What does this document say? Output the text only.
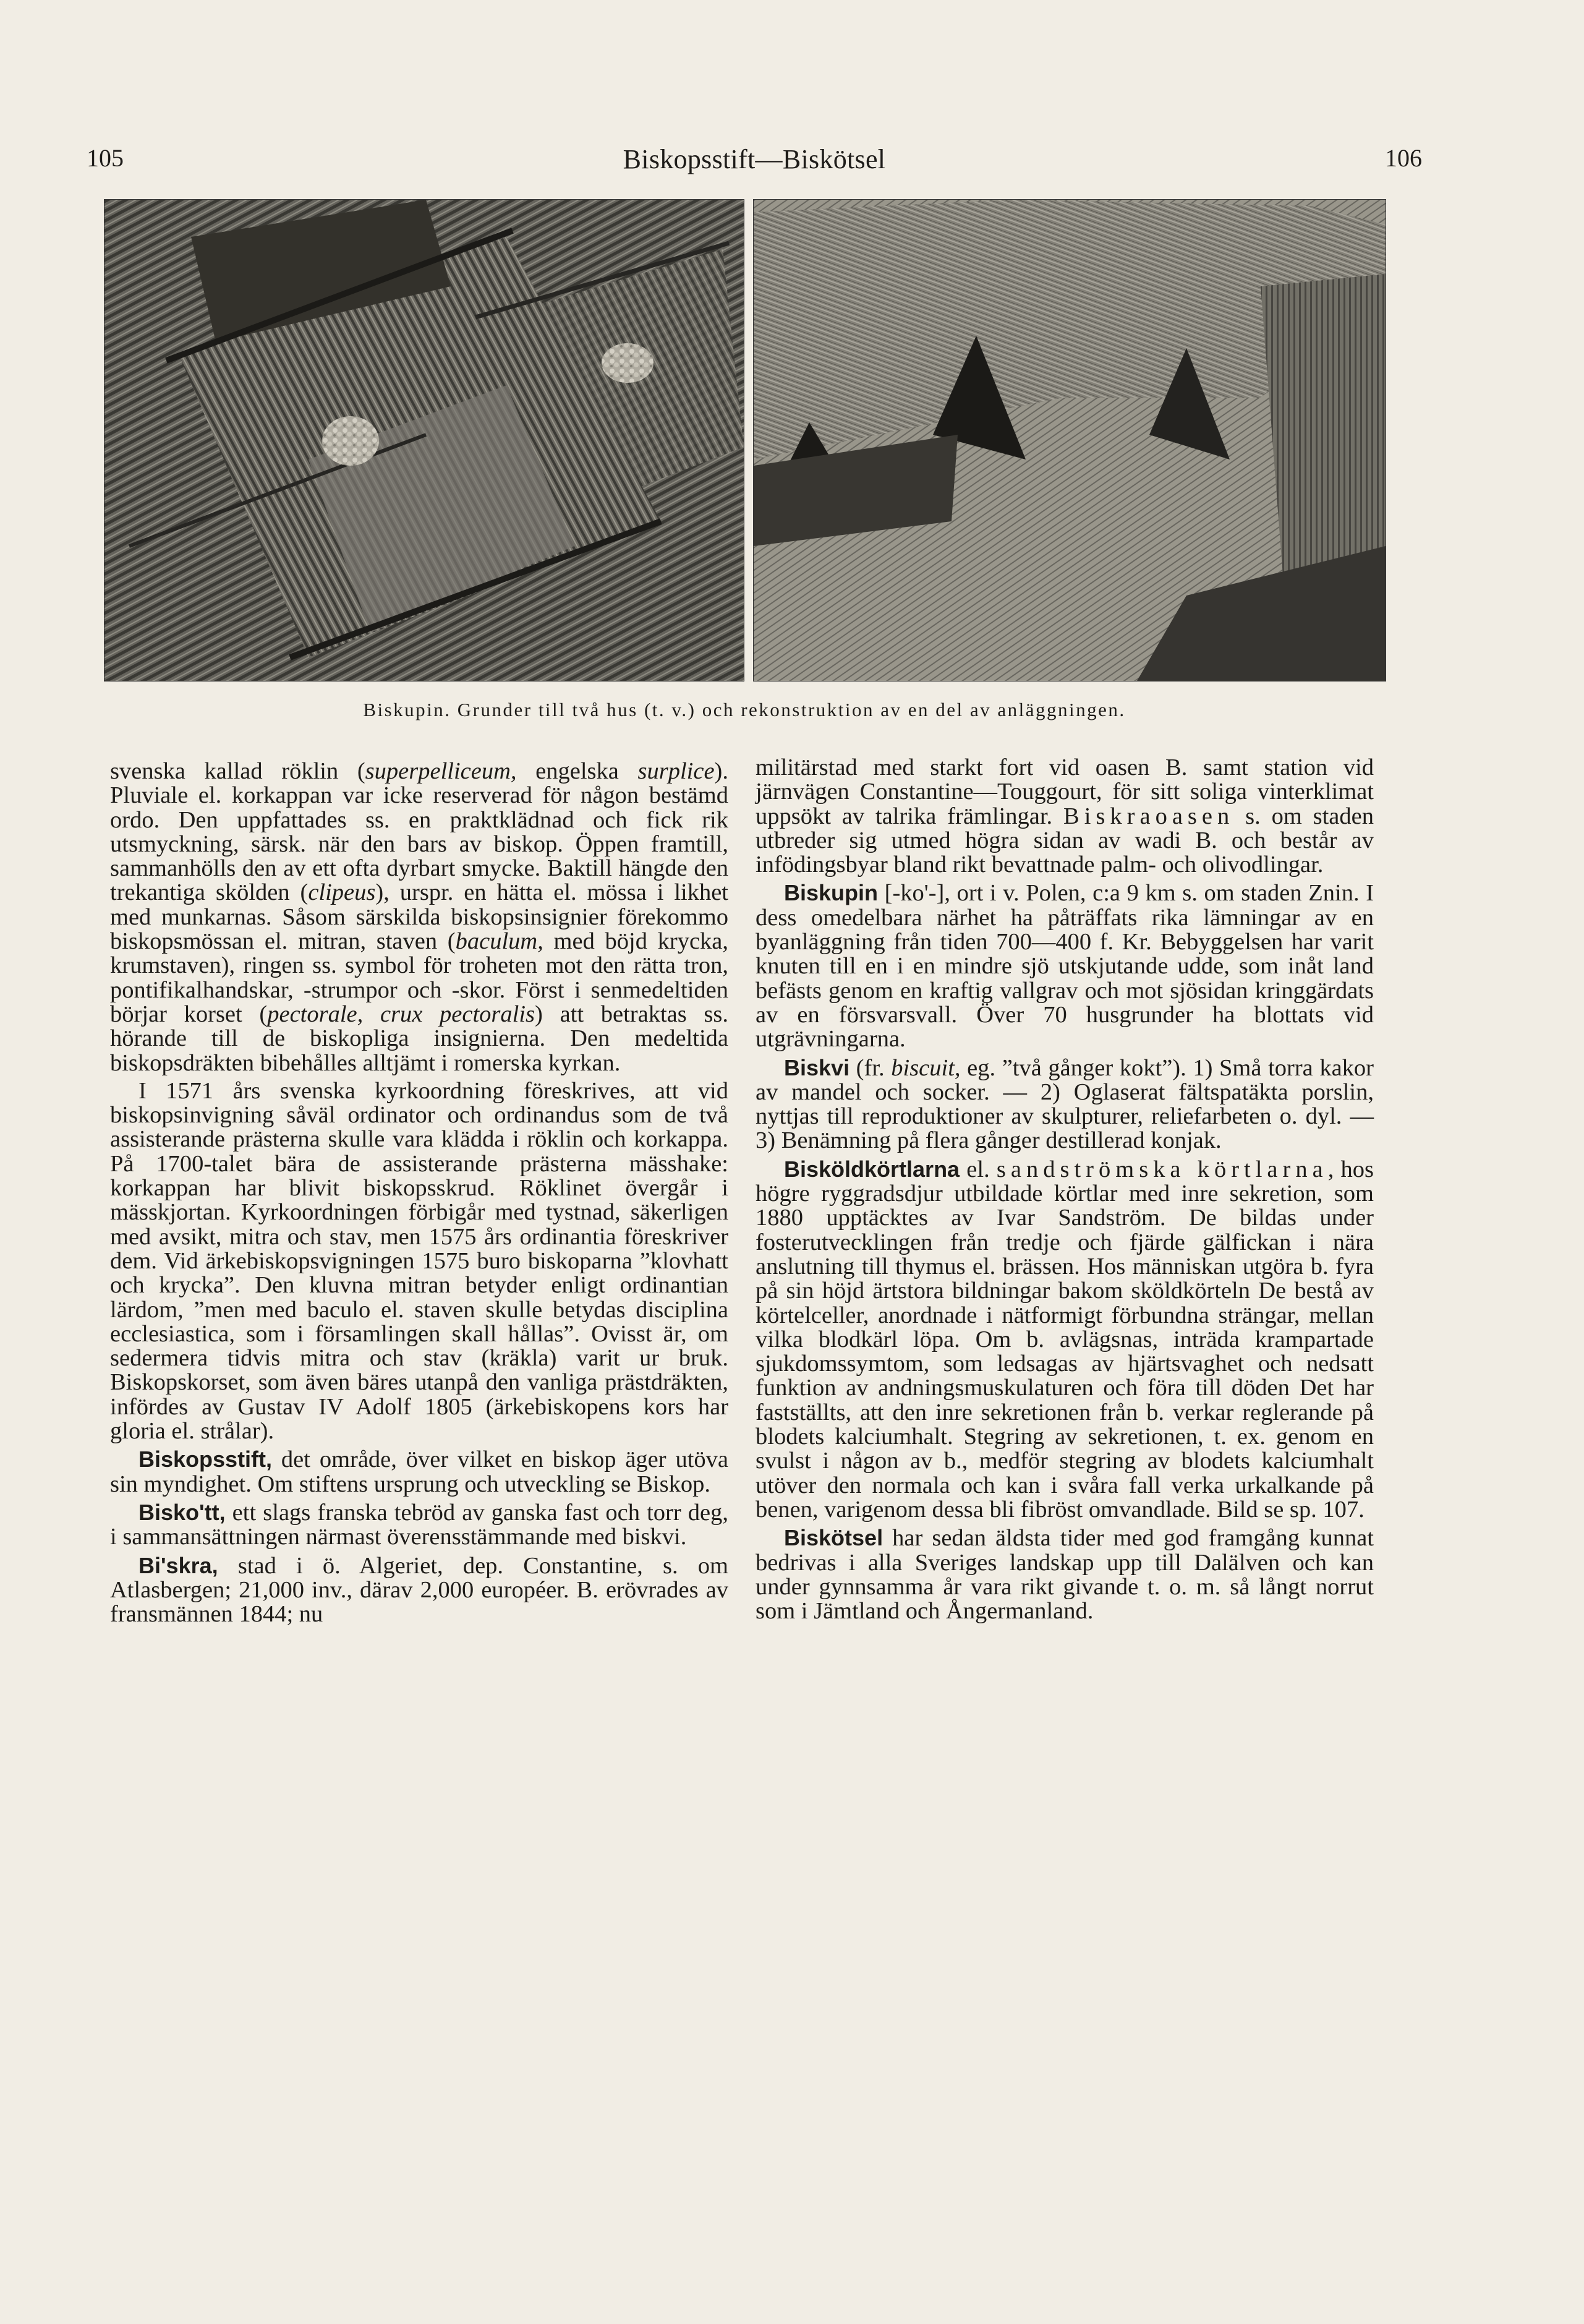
105	Biskopsstift—Biskötsel	106
Biskupin. Grunder till två hus (t. v.) och rekonstruktion av en del av anläggningen.

svenska kallad röklin (superpelliceum, engelska surplice). Pluviale el. korkappan var icke reserverad för någon bestämd ordo. Den uppfattades ss. en praktklädnad och fick rik utsmyckning, särsk. när den bars av biskop. Öppen framtill, sammanhölls den av ett ofta dyrbart smycke. Baktill hängde den trekantiga skölden (clipeus), urspr. en hätta el. mössa i likhet med munkarnas. Såsom särskilda biskopsinsignier förekommo biskopsmössan el. mitran, staven (baculum, med böjd krycka, krumstaven), ringen ss. symbol för troheten mot den rätta tron, pontifikalhandskar, -strumpor och -skor. Först i senmedeltiden börjar korset (pectorale, crux pectoralis) att betraktas ss. hörande till de biskopliga insignierna. Den medeltida biskopsdräkten bibehålles alltjämt i romerska kyrkan.

I 1571 års svenska kyrkoordning föreskrives, att vid biskopsinvigning såväl ordinator och ordinandus som de två assisterande prästerna skulle vara klädda i röklin och korkappa. På 1700-talet bära de assisterande prästerna mässhake: korkappan har blivit biskopsskrud. Röklinet övergår i mässkjortan. Kyrkoordningen förbigår med tystnad, säkerligen med avsikt, mitra och stav, men 1575 års ordinantia föreskriver dem. Vid ärkebiskopsvigningen 1575 buro biskoparna ”klovhatt och krycka”. Den kluvna mitran betyder enligt ordinantian lärdom, ”men med baculo el. staven skulle betydas disciplina ecclesiastica, som i församlingen skall hållas”. Ovisst är, om sedermera tidvis mitra och stav (kräkla) varit ur bruk. Biskopskorset, som även bäres utanpå den vanliga prästdräkten, infördes av Gustav IV Adolf 1805 (ärkebiskopens kors har gloria el. strålar).

Biskopsstift, det område, över vilket en biskop äger utöva sin myndighet. Om stiftens ursprung och utveckling se Biskop.

Bisko'tt, ett slags franska tebröd av ganska fast och torr deg, i sammansättningen närmast överensstämmande med biskvi.

Bi'skra, stad i ö. Algeriet, dep. Constantine, s. om Atlasbergen; 21,000 inv., därav 2,000 européer. B. erövrades av fransmännen 1844; nu

militärstad med starkt fort vid oasen B. samt station vid järnvägen Constantine—Touggourt, för sitt soliga vinterklimat uppsökt av talrika främlingar. Biskraoasen s. om staden utbreder sig utmed högra sidan av wadi B. och består av infödingsbyar bland rikt bevattnade palm- och olivodlingar.

Biskupin [-ko'-], ort i v. Polen, c:a 9 km s. om staden Znin. I dess omedelbara närhet ha påträffats rika lämningar av en byanläggning från tiden 700—400 f. Kr. Bebyggelsen har varit knuten till en i en mindre sjö utskjutande udde, som inåt land befästs genom en kraftig vallgrav och mot sjösidan kringgärdats av en försvarsvall. Över 70 husgrunder ha blottats vid utgrävningarna.

Biskvi (fr. biscuit, eg. ”två gånger kokt”). 1) Små torra kakor av mandel och socker. — 2) Oglaserat fältspatäkta porslin, nyttjas till reproduktioner av skulpturer, reliefarbeten o. dyl. — 3) Benämning på flera gånger destillerad konjak.

Bisköldkörtlarna el. sandströmska körtlarna, hos högre ryggradsdjur utbildade körtlar med inre sekretion, som 1880 upptäcktes av Ivar Sandström. De bildas under fosterutvecklingen från tredje och fjärde gälfickan i nära anslutning till thymus el. brässen. Hos människan utgöra b. fyra på sin höjd ärtstora bildningar bakom sköldkörteln De bestå av körtelceller, anordnade i nätformigt förbundna strängar, mellan vilka blodkärl löpa. Om b. avlägsnas, inträda krampartade sjukdomssymtom, som ledsagas av hjärtsvaghet och nedsatt funktion av andningsmuskulaturen och föra till döden Det har fastställts, att den inre sekretionen från b. verkar reglerande på blodets kalciumhalt. Stegring av sekretionen, t. ex. genom en svulst i någon av b., medför stegring av blodets kalciumhalt utöver den normala och kan i svåra fall verka urkalkande på benen, varigenom dessa bli fibröst omvandlade. Bild se sp. 107.

Biskötsel har sedan äldsta tider med god framgång kunnat bedrivas i alla Sveriges landskap upp till Dalälven och kan under gynnsamma år vara rikt givande t. o. m. så långt norrut som i Jämtland och Ångermanland.
